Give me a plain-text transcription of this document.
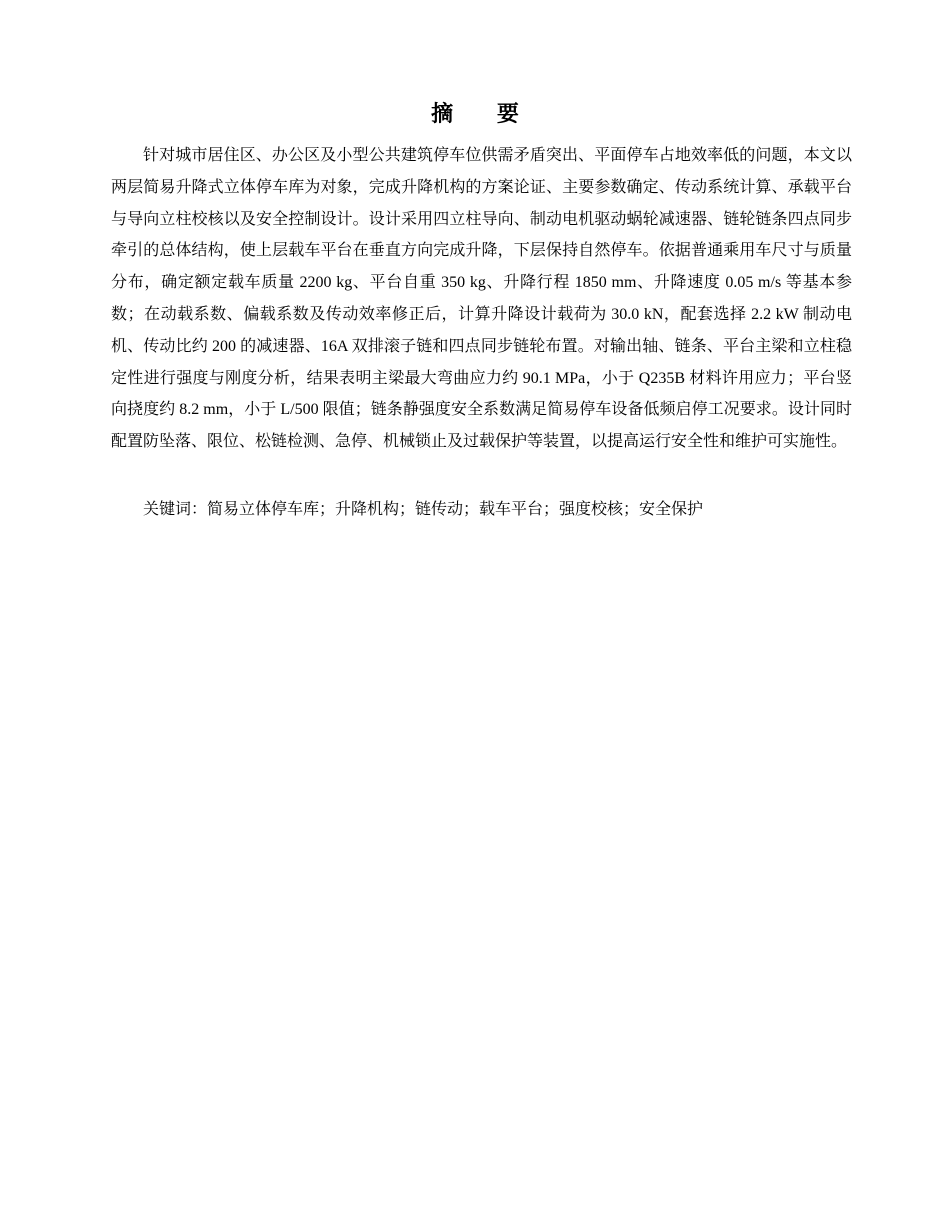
摘 要

针对城市居住区、办公区及小型公共建筑停车位供需矛盾突出、平面停车占地效率低的问题，本文以两层简易升降式立体停车库为对象，完成升降机构的方案论证、主要参数确定、传动系统计算、承载平台与导向立柱校核以及安全控制设计。设计采用四立柱导向、制动电机驱动蜗轮减速器、链轮链条四点同步牵引的总体结构，使上层载车平台在垂直方向完成升降，下层保持自然停车。依据普通乘用车尺寸与质量分布，确定额定载车质量 2200 kg、平台自重 350 kg、升降行程 1850 mm、升降速度 0.05 m/s 等基本参数；在动载系数、偏载系数及传动效率修正后，计算升降设计载荷为 30.0 kN，配套选择 2.2 kW 制动电机、传动比约 200 的减速器、16A 双排滚子链和四点同步链轮布置。对输出轴、链条、平台主梁和立柱稳定性进行强度与刚度分析，结果表明主梁最大弯曲应力约 90.1 MPa，小于 Q235B 材料许用应力；平台竖向挠度约 8.2 mm，小于 L/500 限值；链条静强度安全系数满足简易停车设备低频启停工况要求。设计同时配置防坠落、限位、松链检测、急停、机械锁止及过载保护等装置，以提高运行安全性和维护可实施性。

关键词：简易立体停车库；升降机构；链传动；载车平台；强度校核；安全保护
